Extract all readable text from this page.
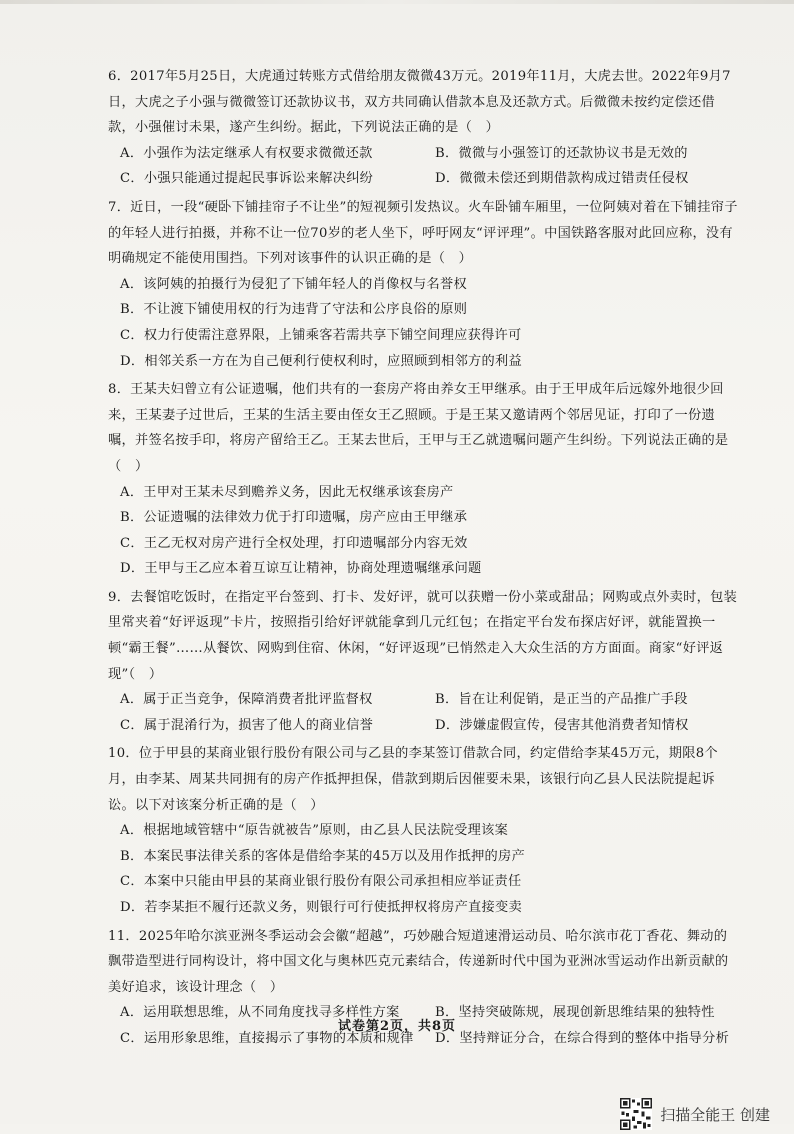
6．2017年5月25日，大虎通过转账方式借给朋友微微43万元。2019年11月，大虎去世。2022年9月7日，大虎之子小强与微微签订还款协议书，双方共同确认借款本息及还款方式。后微微未按约定偿还借款，小强催讨未果，遂产生纠纷。据此，下列说法正确的是（　）

A．小强作为法定继承人有权要求微微还款	B．微微与小强签订的还款协议书是无效的
C．小强只能通过提起民事诉讼来解决纠纷	D．微微未偿还到期借款构成过错责任侵权

7．近日，一段“硬卧下铺挂帘子不让坐”的短视频引发热议。火车卧铺车厢里，一位阿姨对着在下铺挂帘子的年轻人进行拍摄，并称不让一位70岁的老人坐下，呼吁网友“评评理”。中国铁路客服对此回应称，没有明确规定不能使用围挡。下列对该事件的认识正确的是（　）

A．该阿姨的拍摄行为侵犯了下铺年轻人的肖像权与名誉权
B．不让渡下铺使用权的行为违背了守法和公序良俗的原则
C．权力行使需注意界限，上铺乘客若需共享下铺空间理应获得许可
D．相邻关系一方在为自己便利行使权利时，应照顾到相邻方的利益

8．王某夫妇曾立有公证遗嘱，他们共有的一套房产将由养女王甲继承。由于王甲成年后远嫁外地很少回来，王某妻子过世后，王某的生活主要由侄女王乙照顾。于是王某又邀请两个邻居见证，打印了一份遗嘱，并签名按手印，将房产留给王乙。王某去世后，王甲与王乙就遗嘱问题产生纠纷。下列说法正确的是（　）

A．王甲对王某未尽到赡养义务，因此无权继承该套房产
B．公证遗嘱的法律效力优于打印遗嘱，房产应由王甲继承
C．王乙无权对房产进行全权处理，打印遗嘱部分内容无效
D．王甲与王乙应本着互谅互让精神，协商处理遗嘱继承问题

9．去餐馆吃饭时，在指定平台签到、打卡、发好评，就可以获赠一份小菜或甜品；网购或点外卖时，包装里常夹着“好评返现”卡片，按照指引给好评就能拿到几元红包；在指定平台发布探店好评，就能置换一顿“霸王餐”……从餐饮、网购到住宿、休闲，“好评返现”已悄然走入大众生活的方方面面。商家“好评返现”（　）

A．属于正当竞争，保障消费者批评监督权	B．旨在让利促销，是正当的产品推广手段
C．属于混淆行为，损害了他人的商业信誉	D．涉嫌虚假宣传，侵害其他消费者知情权

10．位于甲县的某商业银行股份有限公司与乙县的李某签订借款合同，约定借给李某45万元，期限8个月，由李某、周某共同拥有的房产作抵押担保，借款到期后因催要未果，该银行向乙县人民法院提起诉讼。以下对该案分析正确的是（　）

A．根据地域管辖中“原告就被告”原则，由乙县人民法院受理该案
B．本案民事法律关系的客体是借给李某的45万以及用作抵押的房产
C．本案中只能由甲县的某商业银行股份有限公司承担相应举证责任
D．若李某拒不履行还款义务，则银行可行使抵押权将房产直接变卖

11．2025年哈尔滨亚洲冬季运动会会徽“超越”，巧妙融合短道速滑运动员、哈尔滨市花丁香花、舞动的飘带造型进行同构设计，将中国文化与奥林匹克元素结合，传递新时代中国为亚洲冰雪运动作出新贡献的美好追求，该设计理念（　）

A．运用联想思维，从不同角度找寻多样性方案	B．坚持突破陈规，展现创新思维结果的独特性
C．运用形象思维，直接揭示了事物的本质和规律	D．坚持辩证分合，在综合得到的整体中指导分析
试卷第2页，共8页
扫描全能王 创建
